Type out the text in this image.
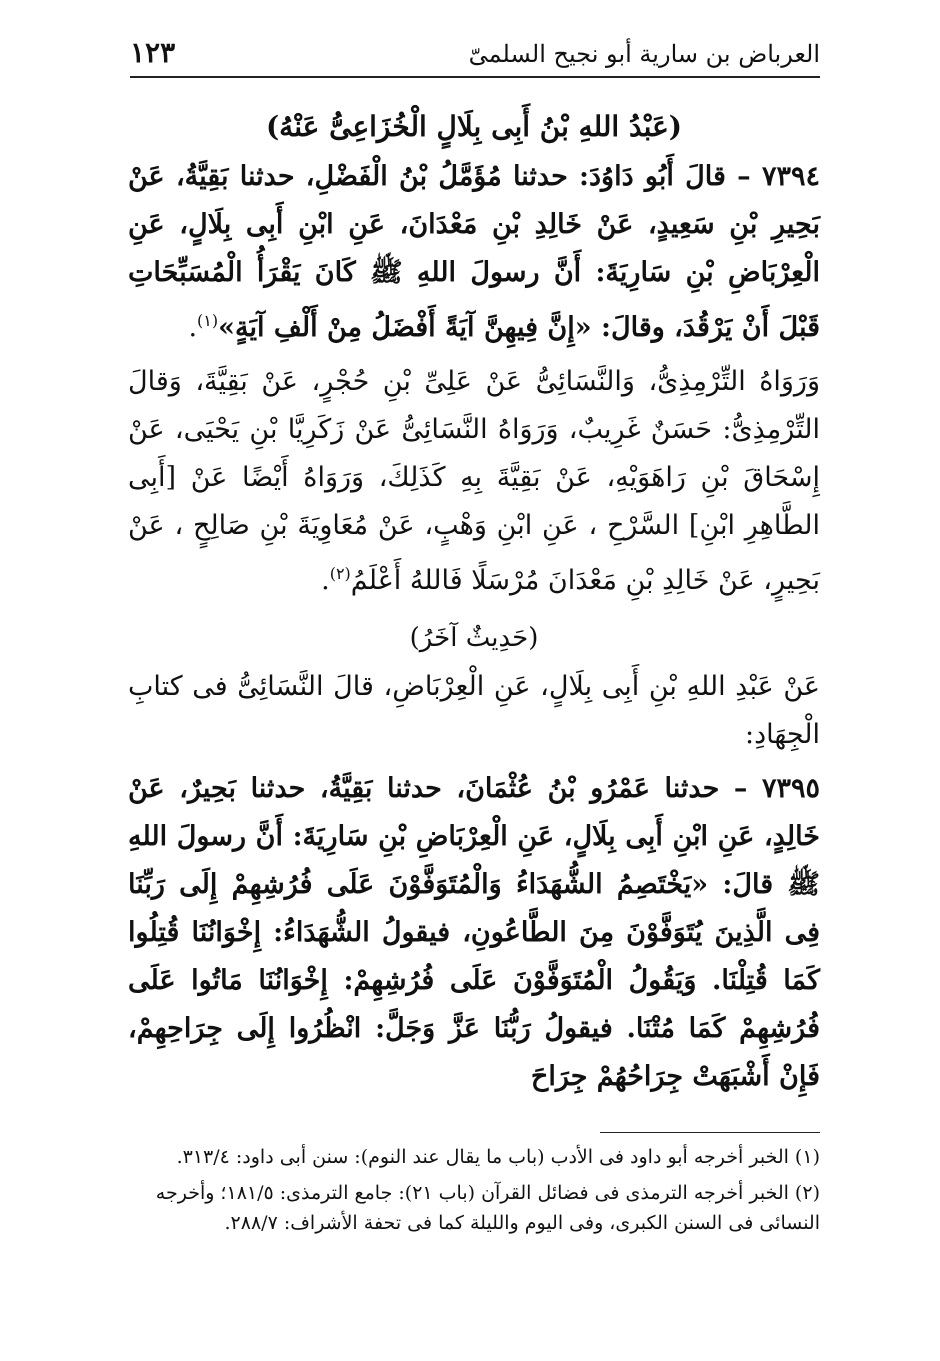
العرباض بن سارية أبو نجيح السلمىّ
١٢٣

(عَبْدُ اللهِ بْنُ أَبِى بِلَالٍ الْخُزَاعِىُّ عَنْهُ)

٧٣٩٤ – قالَ أَبُو دَاوُدَ: حدثنا مُؤَمَّلُ بْنُ الْفَضْلِ، حدثنا بَقِيَّةُ، عَنْ بَحِيرِ بْنِ سَعِيدٍ، عَنْ خَالِدِ بْنِ مَعْدَانَ، عَنِ ابْنِ أَبِى بِلَالٍ، عَنِ الْعِرْبَاضِ بْنِ سَارِيَةَ: أَنَّ رسولَ اللهِ ﷺ كَانَ يَقْرَأُ الْمُسَبِّحَاتِ قَبْلَ أَنْ يَرْقُدَ، وقالَ: «إِنَّ فِيهِنَّ آيَةً أَفْضَلُ مِنْ أَلْفِ آيَةٍ»$^{(١)}$.

وَرَوَاهُ التِّرْمِذِىُّ، وَالنَّسَائِىُّ عَنْ عَلِىِّ بْنِ حُجْرٍ، عَنْ بَقِيَّةَ، وَقالَ التِّرْمِذِىُّ: حَسَنٌ غَرِيبٌ، وَرَوَاهُ النَّسَائِىُّ عَنْ زَكَرِيَّا بْنِ يَحْيَى، عَنْ إِسْحَاقَ بْنِ رَاهَوَيْهِ، عَنْ بَقِيَّةَ بِهِ كَذَلِكَ، وَرَوَاهُ أَيْضًا عَنْ [أَبِى الطَّاهِرِ ابْنِ] السَّرْحِ ، عَنِ ابْنِ وَهْبٍ، عَنْ مُعَاوِيَةَ بْنِ صَالِحٍ ، عَنْ بَحِيرٍ، عَنْ خَالِدِ بْنِ مَعْدَانَ مُرْسَلًا فَاللهُ أَعْلَمُ$^{(٢)}$.

(حَدِيثٌ آخَرُ)

عَنْ عَبْدِ اللهِ بْنِ أَبِى بِلَالٍ، عَنِ الْعِرْبَاضِ، قالَ النَّسَائِىُّ فى كتابِ الْجِهَادِ:

٧٣٩٥ – حدثنا عَمْرُو بْنُ عُثْمَانَ، حدثنا بَقِيَّةُ، حدثنا بَحِيرٌ، عَنْ خَالِدٍ، عَنِ ابْنِ أَبِى بِلَالٍ، عَنِ الْعِرْبَاضِ بْنِ سَارِيَةَ: أَنَّ رسولَ اللهِ ﷺ قالَ: «يَخْتَصِمُ الشُّهَدَاءُ وَالْمُتَوَفَّوْنَ عَلَى فُرُشِهِمْ إِلَى رَبِّنَا فِى الَّذِينَ يُتَوَفَّوْنَ مِنَ الطَّاعُونِ، فيقولُ الشُّهَدَاءُ: إِخْوَانُنَا قُتِلُوا كَمَا قُتِلْنَا. وَيَقُولُ الْمُتَوَفَّوْنَ عَلَى فُرُشِهِمْ: إِخْوَانُنَا مَاتُوا عَلَى فُرُشِهِمْ كَمَا مُتْنَا. فيقولُ رَبُّنَا عَزَّ وَجَلَّ: انْظُرُوا إِلَى جِرَاحِهِمْ، فَإِنْ أَشْبَهَتْ جِرَاحُهُمْ جِرَاحَ

(١) الخبر أخرجه أبو داود فى الأدب (باب ما يقال عند النوم): سنن أبى داود: ٣١٣/٤.

(٢) الخبر أخرجه الترمذى فى فضائل القرآن (باب ٢١): جامع الترمذى: ١٨١/٥؛ وأخرجه النسائى فى السنن الكبرى، وفى اليوم والليلة كما فى تحفة الأشراف: ٢٨٨/٧.
